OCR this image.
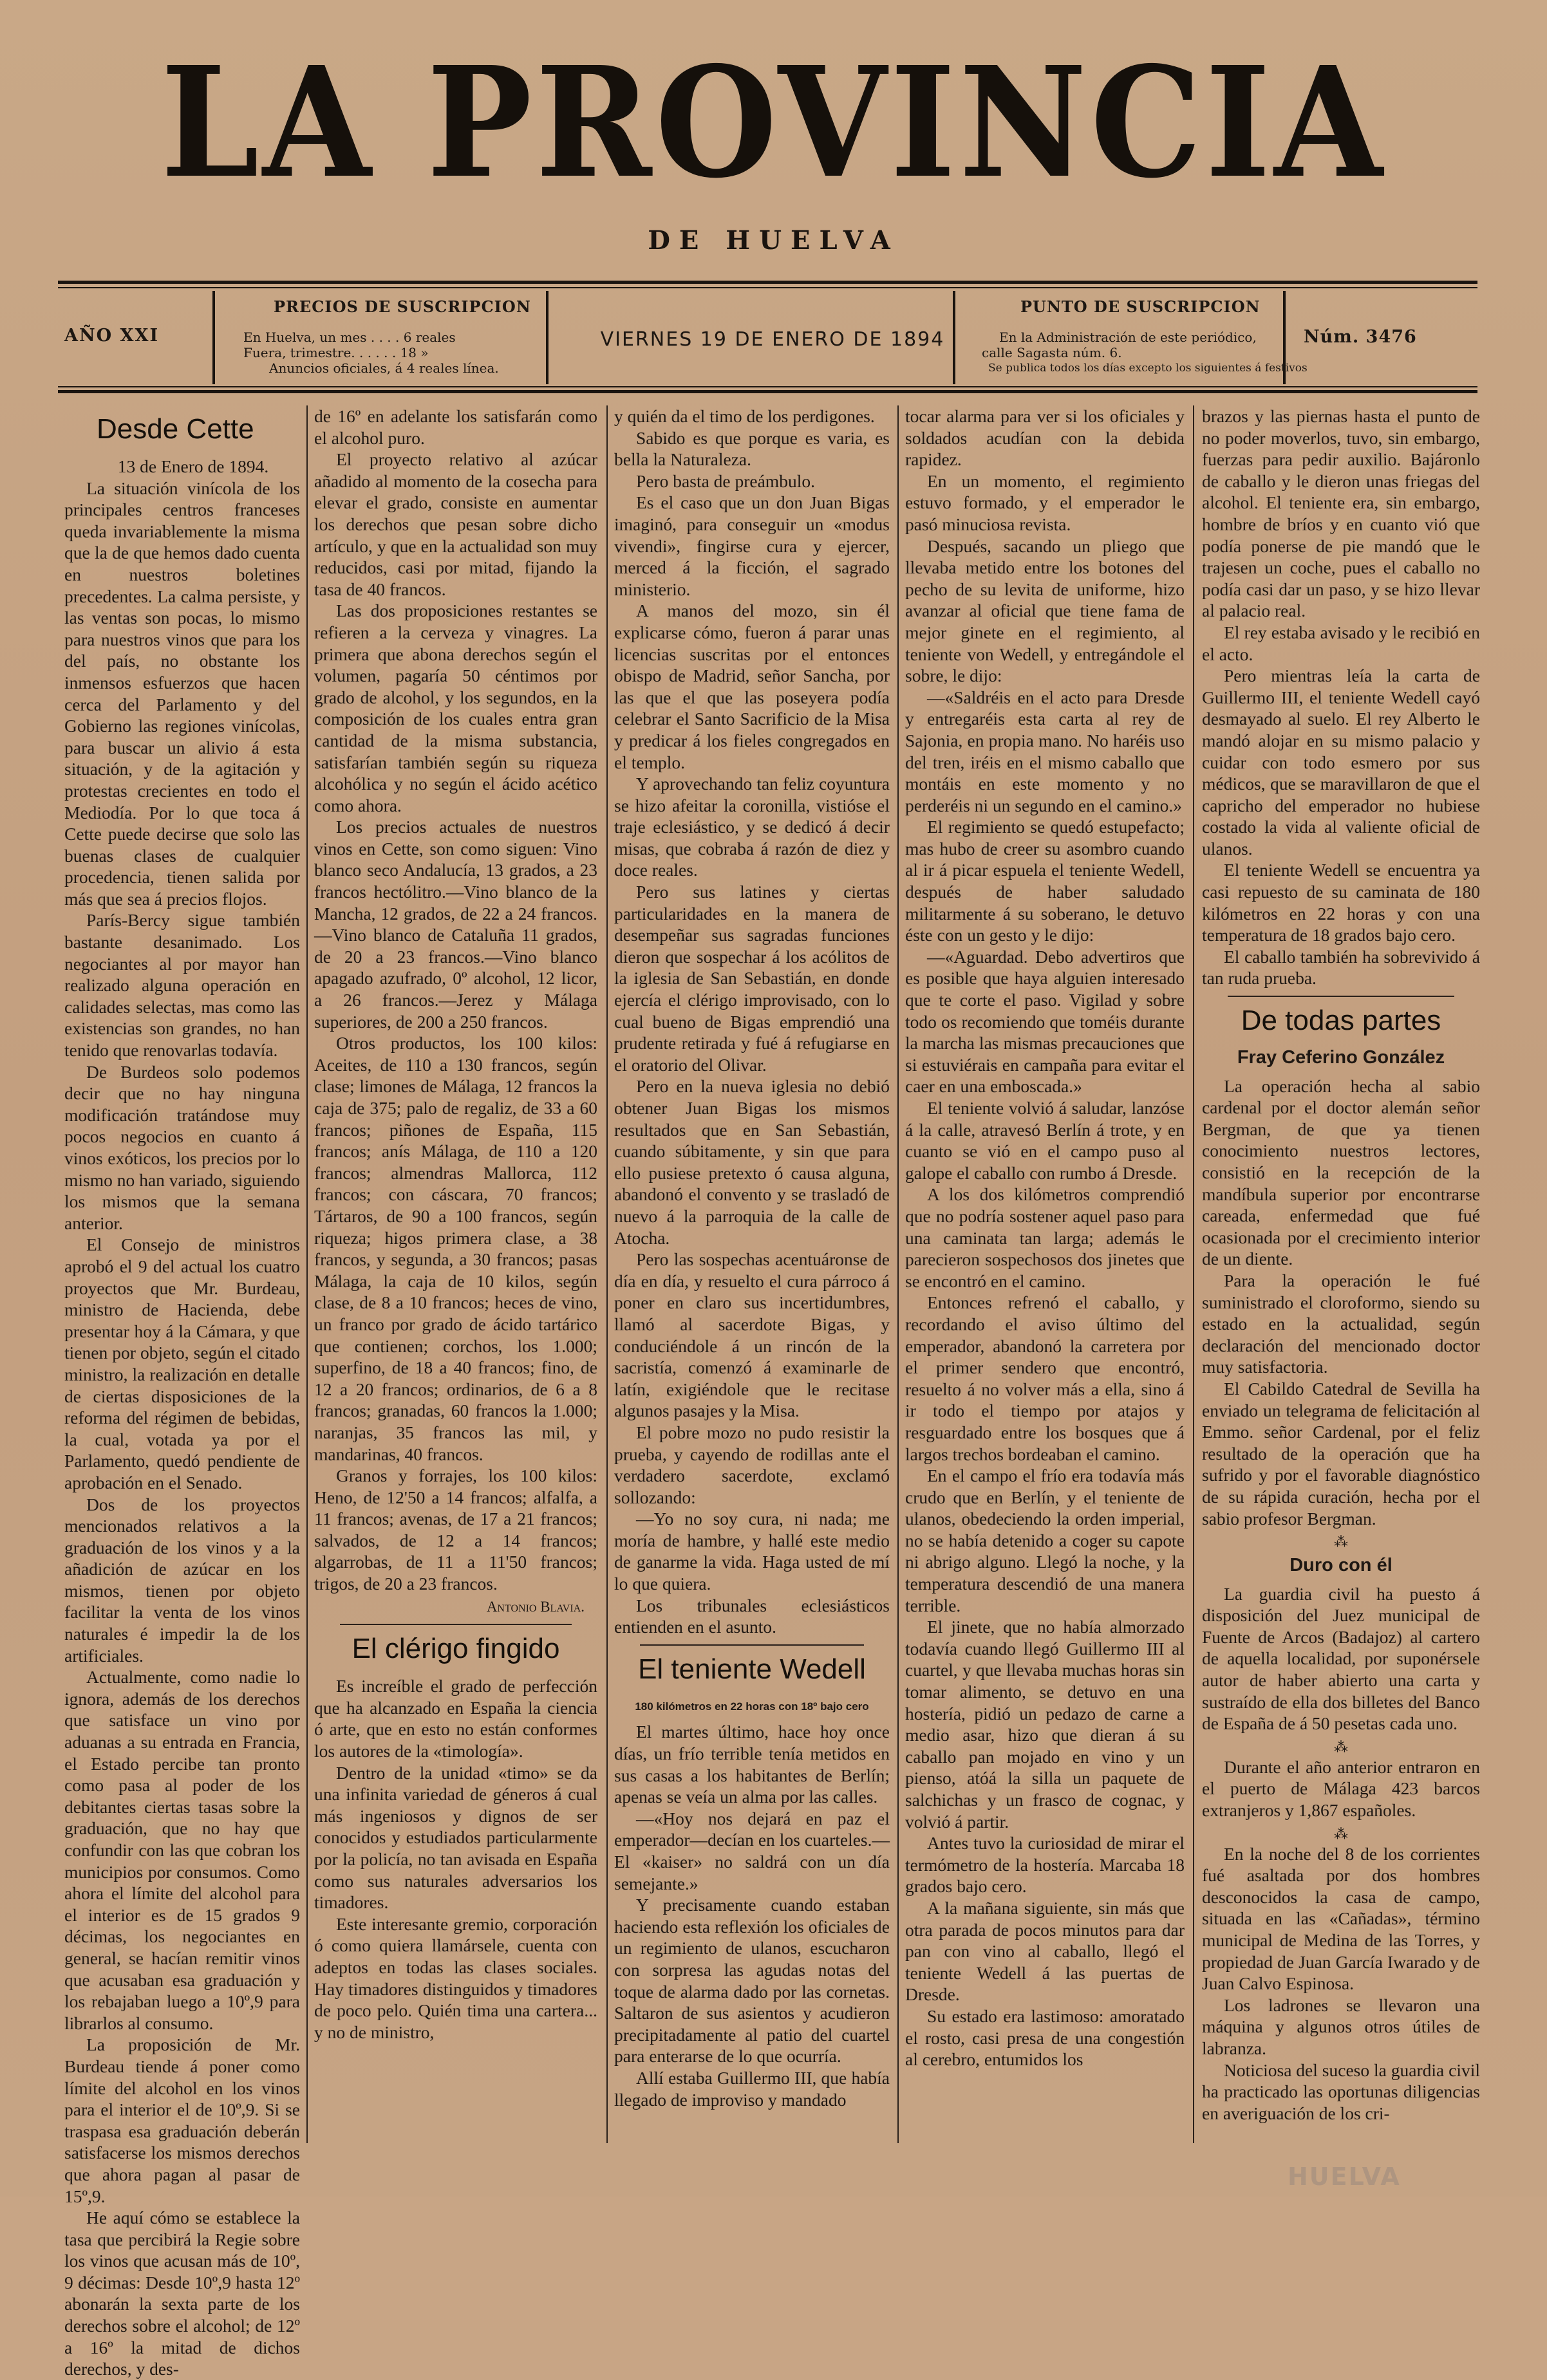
LA PROVINCIA
DE HUELVA
AÑO XXI
PRECIOS DE SUSCRIPCION
En Huelva, un mes . . . . 6 reales
Fuera, trimestre. . . . . . 18 »
Anuncios oficiales, á 4 reales línea.
VIERNES 19 DE ENERO DE 1894
PUNTO DE SUSCRIPCION
En la Administración de este periódico,
calle Sagasta núm. 6.
Se publica todos los días excepto los siguientes á festivos
Núm. 3476
Desde Cette

13 de Enero de 1894.

La situación vinícola de los principales centros franceses queda invariablemente la misma que la de que hemos dado cuenta en nuestros boletines precedentes. La calma persiste, y las ventas son pocas, lo mismo para nuestros vinos que para los del país, no obstante los inmensos esfuerzos que hacen cerca del Parlamento y del Gobierno las regiones vinícolas, para buscar un alivio á esta situación, y de la agitación y protestas crecientes en todo el Mediodía. Por lo que toca á Cette puede decirse que solo las buenas clases de cualquier procedencia, tienen salida por más que sea á precios flojos.

París-Bercy sigue también bastante desanimado. Los negociantes al por mayor han realizado alguna operación en calidades selectas, mas como las existencias son grandes, no han tenido que renovarlas todavía.

De Burdeos solo podemos decir que no hay ninguna modificación tratándose muy pocos negocios en cuanto á vinos exóticos, los precios por lo mismo no han variado, siguiendo los mismos que la semana anterior.

El Consejo de ministros aprobó el 9 del actual los cuatro proyectos que Mr. Burdeau, ministro de Hacienda, debe presentar hoy á la Cámara, y que tienen por objeto, según el citado ministro, la realización en detalle de ciertas disposiciones de la reforma del régimen de bebidas, la cual, votada ya por el Parlamento, quedó pendiente de aprobación en el Senado.

Dos de los proyectos mencionados relativos a la graduación de los vinos y a la añadición de azúcar en los mismos, tienen por objeto facilitar la venta de los vinos naturales é impedir la de los artificiales.

Actualmente, como nadie lo ignora, además de los derechos que satisface un vino por aduanas a su entrada en Francia, el Estado percibe tan pronto como pasa al poder de los debitantes ciertas tasas sobre la graduación, que no hay que confundir con las que cobran los municipios por consumos. Como ahora el límite del alcohol para el interior es de 15 grados 9 décimas, los negociantes en general, se hacían remitir vinos que acusaban esa graduación y los rebajaban luego a 10º,9 para librarlos al consumo.

La proposición de Mr. Burdeau tiende á poner como límite del alcohol en los vinos para el interior el de 10º,9. Si se traspasa esa graduación deberán satisfacerse los mismos derechos que ahora pagan al pasar de 15º,9.

He aquí cómo se establece la tasa que percibirá la Regie sobre los vinos que acusan más de 10º, 9 décimas: Desde 10º,9 hasta 12º abonarán la sexta parte de los derechos sobre el alcohol; de 12º a 16º la mitad de dichos derechos, y des-

de 16º en adelante los satisfarán como el alcohol puro.

El proyecto relativo al azúcar añadido al momento de la cosecha para elevar el grado, consiste en aumentar los derechos que pesan sobre dicho artículo, y que en la actualidad son muy reducidos, casi por mitad, fijando la tasa de 40 francos.

Las dos proposiciones restantes se refieren a la cerveza y vinagres. La primera que abona derechos según el volumen, pagaría 50 céntimos por grado de alcohol, y los segundos, en la composición de los cuales entra gran cantidad de la misma substancia, satisfarían también según su riqueza alcohólica y no según el ácido acético como ahora.

Los precios actuales de nuestros vinos en Cette, son como siguen: Vino blanco seco Andalucía, 13 grados, a 23 francos hectólitro.—Vino blanco de la Mancha, 12 grados, de 22 a 24 francos.—Vino blanco de Cataluña 11 grados, de 20 a 23 francos.—Vino blanco apagado azufrado, 0º alcohol, 12 licor, a 26 francos.—Jerez y Málaga superiores, de 200 a 250 francos.

Otros productos, los 100 kilos: Aceites, de 110 a 130 francos, según clase; limones de Málaga, 12 francos la caja de 375; palo de regaliz, de 33 a 60 francos; piñones de España, 115 francos; anís Málaga, de 110 a 120 francos; almendras Mallorca, 112 francos; con cáscara, 70 francos; Tártaros, de 90 a 100 francos, según riqueza; higos primera clase, a 38 francos, y segunda, a 30 francos; pasas Málaga, la caja de 10 kilos, según clase, de 8 a 10 francos; heces de vino, un franco por grado de ácido tartárico que contienen; corchos, los 1.000; superfino, de 18 a 40 francos; fino, de 12 a 20 francos; ordinarios, de 6 a 8 francos; granadas, 60 francos la 1.000; naranjas, 35 francos las mil, y mandarinas, 40 francos.

Granos y forrajes, los 100 kilos: Heno, de 12'50 a 14 francos; alfalfa, a 11 francos; avenas, de 17 a 21 francos; salvados, de 12 a 14 francos; algarrobas, de 11 a 11'50 francos; trigos, de 20 a 23 francos.

Antonio Blavia.
El clérigo fingido

Es increíble el grado de perfección que ha alcanzado en España la ciencia ó arte, que en esto no están conformes los autores de la «timología».

Dentro de la unidad «timo» se da una infinita variedad de géneros á cual más ingeniosos y dignos de ser conocidos y estudiados particularmente por la policía, no tan avisada en España como sus naturales adversarios los timadores.

Este interesante gremio, corporación ó como quiera llamársele, cuenta con adeptos en todas las clases sociales. Hay timadores distinguidos y timadores de poco pelo. Quién tima una cartera... y no de ministro,

y quién da el timo de los perdigones.

Sabido es que porque es varia, es bella la Naturaleza.

Pero basta de preámbulo.

Es el caso que un don Juan Bigas imaginó, para conseguir un «modus vivendi», fingirse cura y ejercer, merced á la ficción, el sagrado ministerio.

A manos del mozo, sin él explicarse cómo, fueron á parar unas licencias suscritas por el entonces obispo de Madrid, señor Sancha, por las que el que las poseyera podía celebrar el Santo Sacrificio de la Misa y predicar á los fieles congregados en el templo.

Y aprovechando tan feliz coyuntura se hizo afeitar la coronilla, vistióse el traje eclesiástico, y se dedicó á decir misas, que cobraba á razón de diez y doce reales.

Pero sus latines y ciertas particularidades en la manera de desempeñar sus sagradas funciones dieron que sospechar á los acólitos de la iglesia de San Sebastián, en donde ejercía el clérigo improvisado, con lo cual bueno de Bigas emprendió una prudente retirada y fué á refugiarse en el oratorio del Olivar.

Pero en la nueva iglesia no debió obtener Juan Bigas los mismos resultados que en San Sebastián, cuando súbitamente, y sin que para ello pusiese pretexto ó causa alguna, abandonó el convento y se trasladó de nuevo á la parroquia de la calle de Atocha.

Pero las sospechas acentuáronse de día en día, y resuelto el cura párroco á poner en claro sus incertidumbres, llamó al sacerdote Bigas, y conduciéndole á un rincón de la sacristía, comenzó á examinarle de latín, exigiéndole que le recitase algunos pasajes y la Misa.

El pobre mozo no pudo resistir la prueba, y cayendo de rodillas ante el verdadero sacerdote, exclamó sollozando:

—Yo no soy cura, ni nada; me moría de hambre, y hallé este medio de ganarme la vida. Haga usted de mí lo que quiera.

Los tribunales eclesiásticos entienden en el asunto.

El teniente Wedell
180 kilómetros en 22 horas con 18º bajo cero

El martes último, hace hoy once días, un frío terrible tenía metidos en sus casas a los habitantes de Berlín; apenas se veía un alma por las calles.

—«Hoy nos dejará en paz el emperador—decían en los cuarteles.— El «kaiser» no saldrá con un día semejante.»

Y precisamente cuando estaban haciendo esta reflexión los oficiales de un regimiento de ulanos, escucharon con sorpresa las agudas notas del toque de alarma dado por las cornetas. Saltaron de sus asientos y acudieron precipitadamente al patio del cuartel para enterarse de lo que ocurría.

Allí estaba Guillermo III, que había llegado de improviso y mandado

tocar alarma para ver si los oficiales y soldados acudían con la debida rapidez.

En un momento, el regimiento estuvo formado, y el emperador le pasó minuciosa revista.

Después, sacando un pliego que llevaba metido entre los botones del pecho de su levita de uniforme, hizo avanzar al oficial que tiene fama de mejor ginete en el regimiento, al teniente von Wedell, y entregándole el sobre, le dijo:

—«Saldréis en el acto para Dresde y entregaréis esta carta al rey de Sajonia, en propia mano. No haréis uso del tren, iréis en el mismo caballo que montáis en este momento y no perderéis ni un segundo en el camino.»

El regimiento se quedó estupefacto; mas hubo de creer su asombro cuando al ir á picar espuela el teniente Wedell, después de haber saludado militarmente á su soberano, le detuvo éste con un gesto y le dijo:

—«Aguardad. Debo advertiros que es posible que haya alguien interesado que te corte el paso. Vigilad y sobre todo os recomiendo que toméis durante la marcha las mismas precauciones que si estuviérais en campaña para evitar el caer en una emboscada.»

El teniente volvió á saludar, lanzóse á la calle, atravesó Berlín á trote, y en cuanto se vió en el campo puso al galope el caballo con rumbo á Dresde.

A los dos kilómetros comprendió que no podría sostener aquel paso para una caminata tan larga; además le parecieron sospechosos dos jinetes que se encontró en el camino.

Entonces refrenó el caballo, y recordando el aviso último del emperador, abandonó la carretera por el primer sendero que encontró, resuelto á no volver más a ella, sino á ir todo el tiempo por atajos y resguardado entre los bosques que á largos trechos bordeaban el camino.

En el campo el frío era todavía más crudo que en Berlín, y el teniente de ulanos, obedeciendo la orden imperial, no se había detenido a coger su capote ni abrigo alguno. Llegó la noche, y la temperatura descendió de una manera terrible.

El jinete, que no había almorzado todavía cuando llegó Guillermo III al cuartel, y que llevaba muchas horas sin tomar alimento, se detuvo en una hostería, pidió un pedazo de carne a medio asar, hizo que dieran á su caballo pan mojado en vino y un pienso, atóá la silla un paquete de salchichas y un frasco de cognac, y volvió á partir.

Antes tuvo la curiosidad de mirar el termómetro de la hostería. Marcaba 18 grados bajo cero.

A la mañana siguiente, sin más que otra parada de pocos minutos para dar pan con vino al caballo, llegó el teniente Wedell á las puertas de Dresde.

Su estado era lastimoso: amoratado el rosto, casi presa de una congestión al cerebro, entumidos los

brazos y las piernas hasta el punto de no poder moverlos, tuvo, sin embargo, fuerzas para pedir auxilio. Bajáronlo de caballo y le dieron unas friegas del alcohol. El teniente era, sin embargo, hombre de bríos y en cuanto vió que podía ponerse de pie mandó que le trajesen un coche, pues el caballo no podía casi dar un paso, y se hizo llevar al palacio real.

El rey estaba avisado y le recibió en el acto.

Pero mientras leía la carta de Guillermo III, el teniente Wedell cayó desmayado al suelo. El rey Alberto le mandó alojar en su mismo palacio y cuidar con todo esmero por sus médicos, que se maravillaron de que el capricho del emperador no hubiese costado la vida al valiente oficial de ulanos.

El teniente Wedell se encuentra ya casi repuesto de su caminata de 180 kilómetros en 22 horas y con una temperatura de 18 grados bajo cero.

El caballo también ha sobrevivido á tan ruda prueba.

De todas partes
Fray Ceferino González

La operación hecha al sabio cardenal por el doctor alemán señor Bergman, de que ya tienen conocimiento nuestros lectores, consistió en la recepción de la mandíbula superior por encontrarse careada, enfermedad que fué ocasionada por el crecimiento interior de un diente.

Para la operación le fué suministrado el cloroformo, siendo su estado en la actualidad, según declaración del mencionado doctor muy satisfactoria.

El Cabildo Catedral de Sevilla ha enviado un telegrama de felicitación al Emmo. señor Cardenal, por el feliz resultado de la operación que ha sufrido y por el favorable diagnóstico de su rápida curación, hecha por el sabio profesor Bergman.

⁂
Duro con él

La guardia civil ha puesto á disposición del Juez municipal de Fuente de Arcos (Badajoz) al cartero de aquella localidad, por suponérsele autor de haber abierto una carta y sustraído de ella dos billetes del Banco de España de á 50 pesetas cada uno.

⁂

Durante el año anterior entraron en el puerto de Málaga 423 barcos extranjeros y 1,867 españoles.

⁂

En la noche del 8 de los corrientes fué asaltada por dos hombres desconocidos la casa de campo, situada en las «Cañadas», término municipal de Medina de las Torres, y propiedad de Juan García Iwarado y de Juan Calvo Espinosa.

Los ladrones se llevaron una máquina y algunos otros útiles de labranza.

Noticiosa del suceso la guardia civil ha practicado las oportunas diligencias en averiguación de los cri-

HUELVA
